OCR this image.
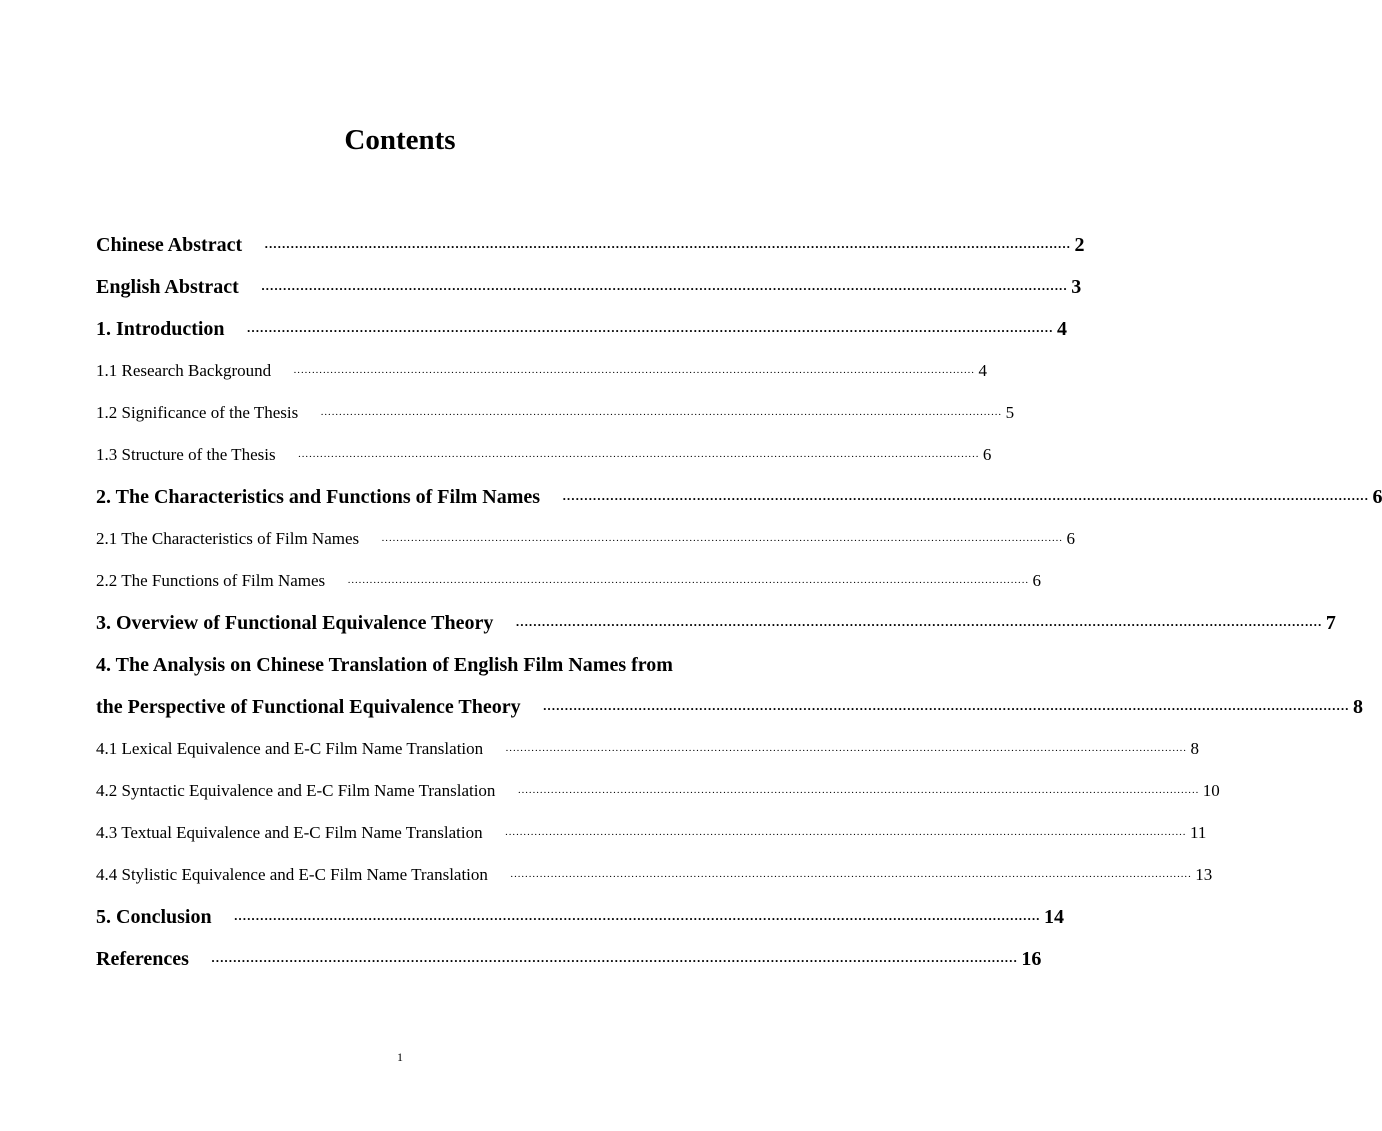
Contents
Chinese Abstract ·························································································································································································· 2
English Abstract ·························································································································································································· 3
1. Introduction ·························································································································································································· 4
1.1 Research Background ·························································································································································································· 4
1.2 Significance of the Thesis ·························································································································································································· 5
1.3 Structure of the Thesis ·························································································································································································· 6
2. The Characteristics and Functions of Film Names ·························································································································································································· 6
2.1 The Characteristics of Film Names ·························································································································································································· 6
2.2 The Functions of Film Names ·························································································································································································· 6
3. Overview of Functional Equivalence Theory ·························································································································································································· 7
4. The Analysis on Chinese Translation of English Film Names from
the Perspective of Functional Equivalence Theory ·························································································································································································· 8
4.1 Lexical Equivalence and E-C Film Name Translation ·························································································································································································· 8
4.2 Syntactic Equivalence and E-C Film Name Translation ·························································································································································································· 10
4.3 Textual Equivalence and E-C Film Name Translation ·························································································································································································· 11
4.4 Stylistic Equivalence and E-C Film Name Translation ·························································································································································································· 13
5. Conclusion ·························································································································································································· 14
References ·························································································································································································· 16
1
